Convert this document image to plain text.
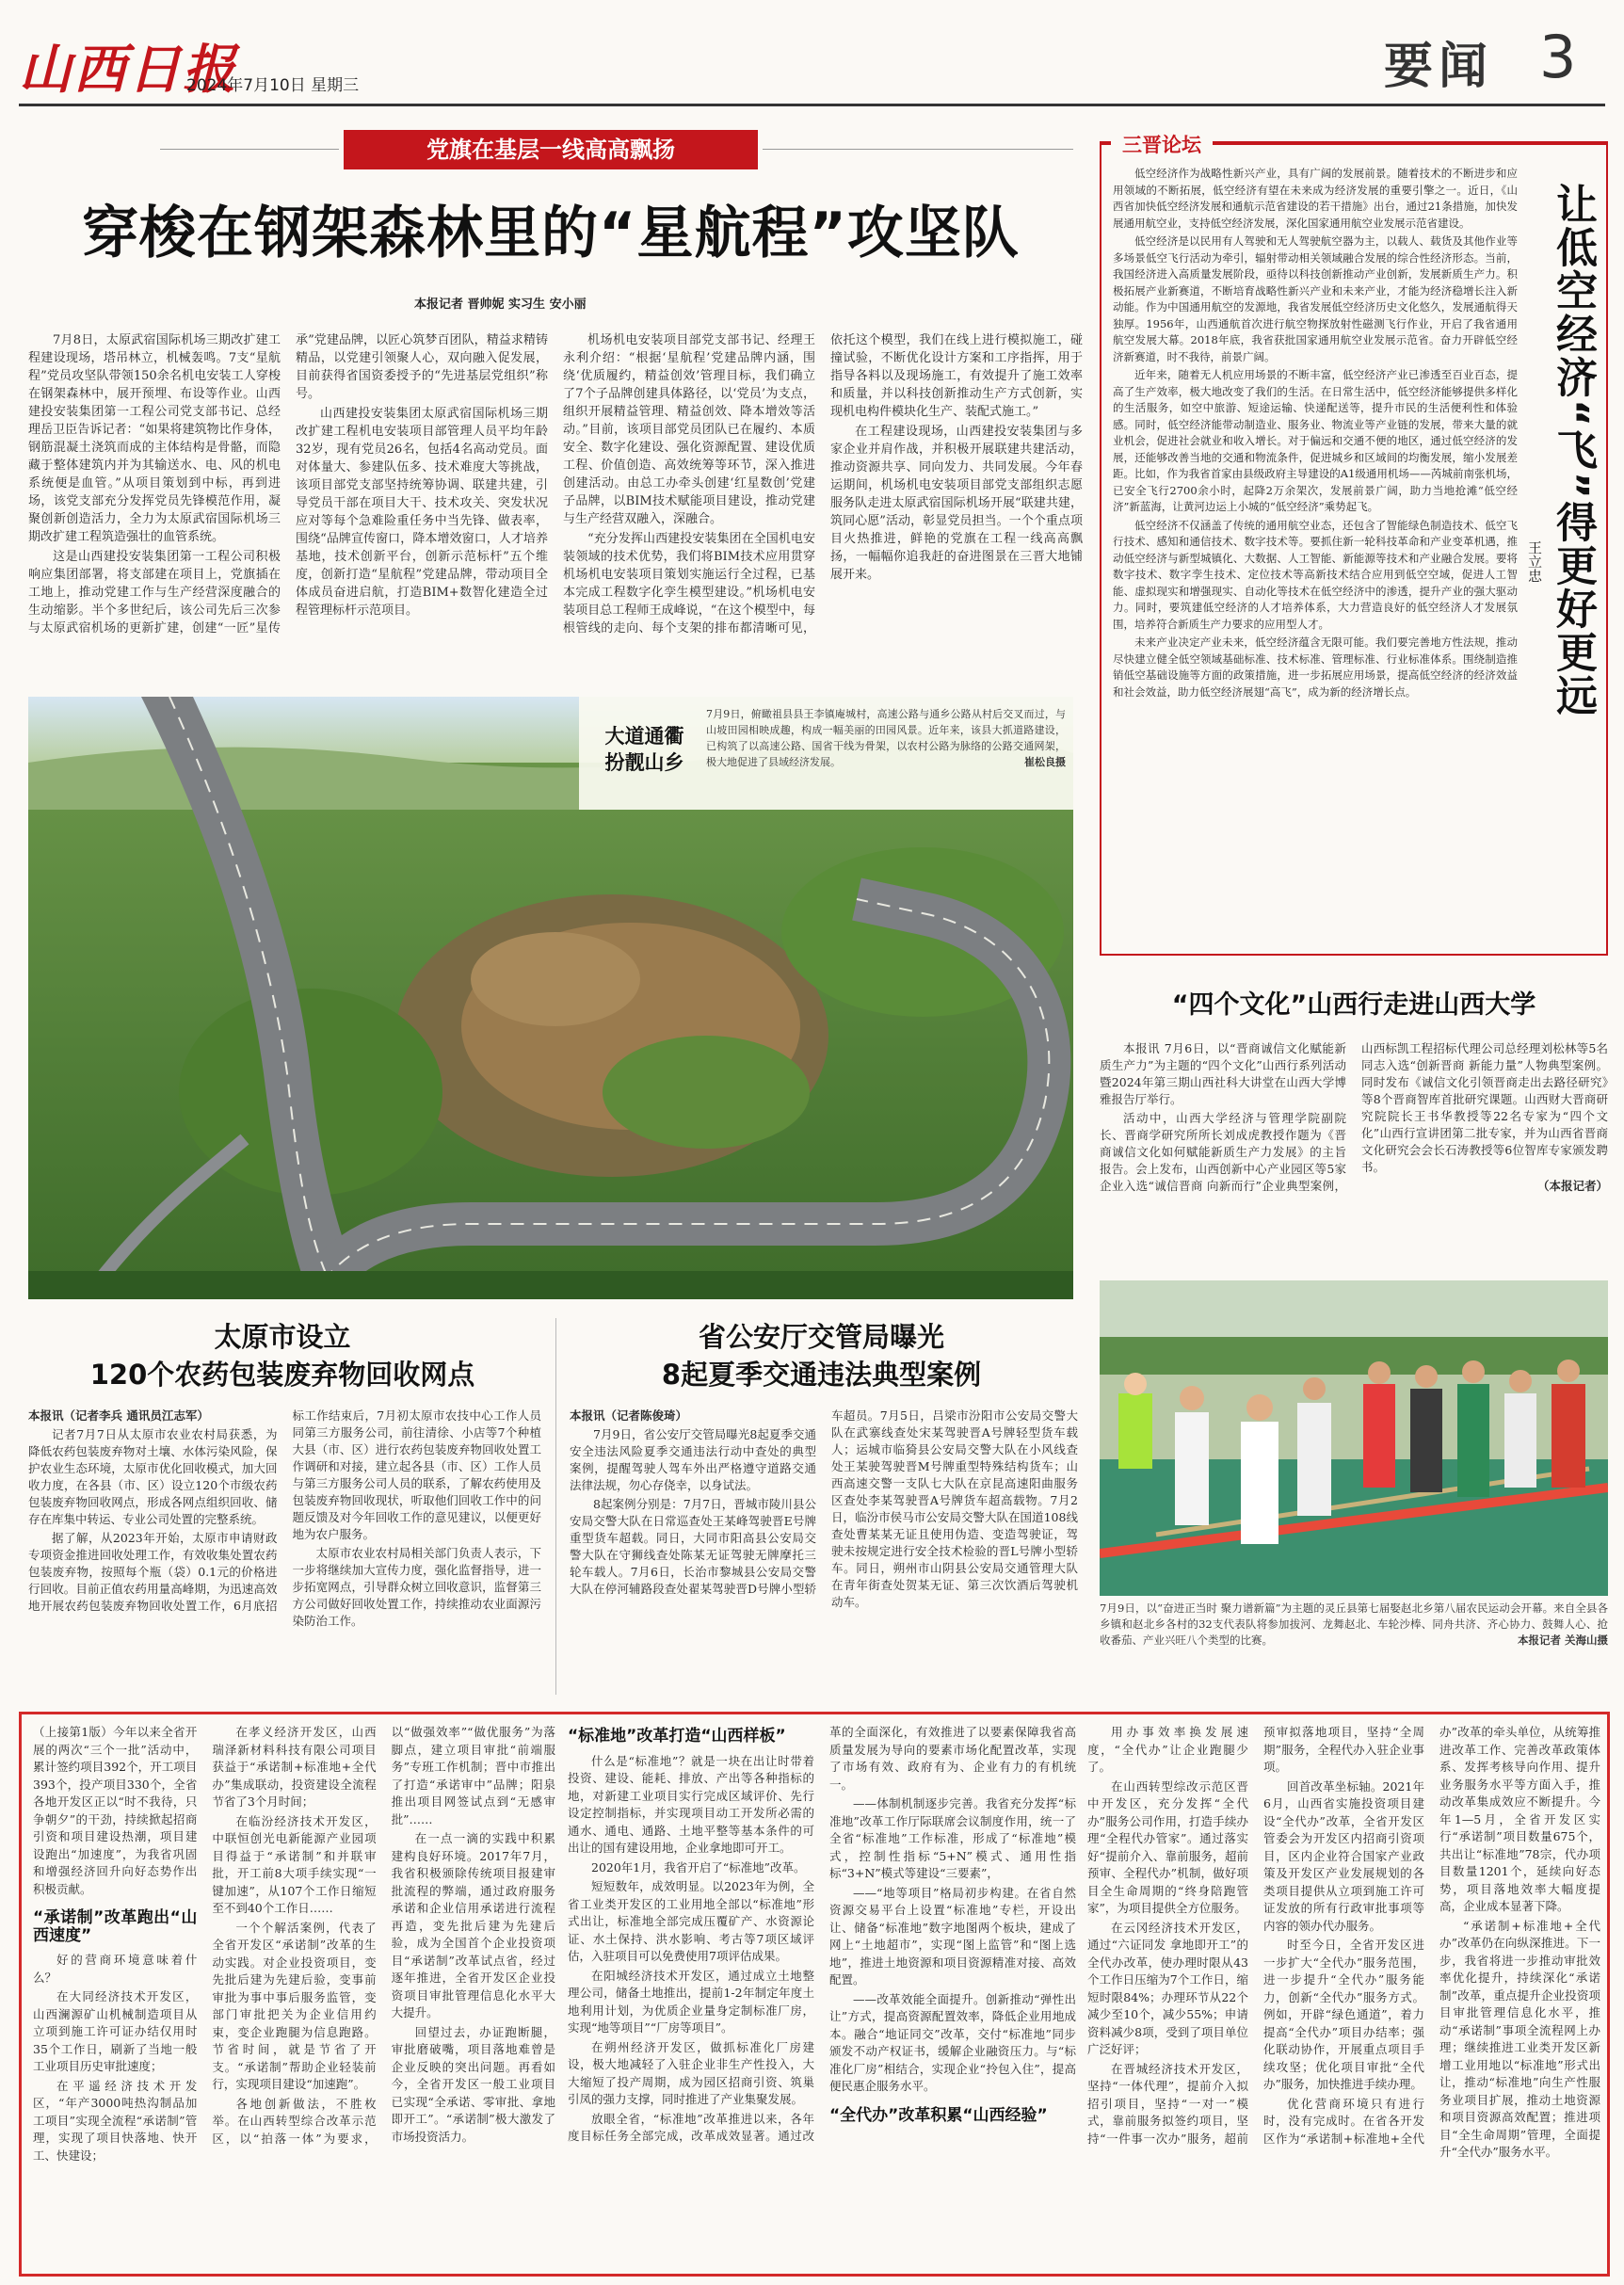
山西日报
2024年7月10日 星期三	要闻 3
党旗在基层一线高高飘扬
穿梭在钢架森林里的“星航程”攻坚队
本报记者 晋帅妮 实习生 安小丽

7月8日，太原武宿国际机场三期改扩建工程建设现场，塔吊林立，机械轰鸣。7支“星航程”党员攻坚队带领150余名机电安装工人穿梭在钢架森林中，展开预埋、布设等作业。山西建投安装集团第一工程公司党支部书记、总经理岳卫臣告诉记者：“如果将建筑物比作身体，钢筋混凝土浇筑而成的主体结构是骨骼，而隐藏于整体建筑内并为其输送水、电、风的机电系统便是血管。”从项目策划到中标，再到进场，该党支部充分发挥党员先锋模范作用，凝聚创新创造活力，全力为太原武宿国际机场三期改扩建工程筑造强壮的血管系统。

这是山西建投安装集团第一工程公司积极响应集团部署，将支部建在项目上，党旗插在工地上，推动党建工作与生产经营深度融合的生动缩影。半个多世纪后，该公司先后三次参与太原武宿机场的更新扩建，创建“一匠”星传承”党建品牌，以匠心筑梦百团队，精益求精铸精品，以党建引领聚人心，双向融入促发展，目前获得省国资委授予的“先进基层党组织”称号。

山西建投安装集团太原武宿国际机场三期改扩建工程机电安装项目部管理人员平均年龄32岁，现有党员26名，包括4名高动党员。面对体量大、参建队伍多、技术难度大等挑战，该项目部党支部坚持统筹协调、联建共建，引导党员干部在项目大干、技术攻关、突发状况应对等每个急难险重任务中当先锋、做表率，围绕“品牌宣传窗口，降本增效窗口，人才培养基地，技术创新平台，创新示范标杆”五个维度，创新打造“星航程”党建品牌，带动项目全体成员奋进启航，打造BIM+数智化建造全过程管理标杆示范项目。

机场机电安装项目部党支部书记、经理王永利介绍：“根据‘星航程’党建品牌内涵，围绕‘优质履约，精益创效’管理目标，我们确立了7个子品牌创建具体路径，以‘党员’为支点，组织开展精益管理、精益创效、降本增效等活动。”目前，该项目部党员团队已在履约、本质安全、数字化建设、强化资源配置、建设优质工程、价值创造、高效统筹等环节，深入推进创建活动。由总工办牵头创建‘红星数创’党建子品牌，以BIM技术赋能项目建设，推动党建与生产经营双融入，深融合。

“充分发挥山西建投安装集团在全国机电安装领域的技术优势，我们将BIM技术应用贯穿机场机电安装项目策划实施运行全过程，已基本完成工程数字化孪生模型建设。”机场机电安装项目总工程师王成峰说，“在这个模型中，每根管线的走向、每个支架的排布都清晰可见，依托这个模型，我们在线上进行模拟施工，碰撞试验，不断优化设计方案和工序指挥，用于指导各料以及现场施工，有效提升了施工效率和质量，并以科技创新推动生产方式创新，实现机电构件模块化生产、装配式施工。”

在工程建设现场，山西建投安装集团与多家企业并肩作战，并积极开展联建共建活动，推动资源共享、同向发力、共同发展。今年春运期间，机场机电安装项目部党支部组织志愿服务队走进太原武宿国际机场开展“联建共建，筑同心愿”活动，彰显党员担当。一个个重点项目火热推进，鲜艳的党旗在工程一线高高飘扬，一幅幅你追我赶的奋进图景在三晋大地铺展开来。

大道通衢
扮靓山乡
7月9日，俯瞰祖县县王李镇庵城村，高速公路与通乡公路从村后交叉而过，与山坡田园相映成趣，构成一幅美丽的田园风景。近年来，该县大抓道路建设，已构筑了以高速公路、国省干线为骨架，以农村公路为脉络的公路交通网架，极大地促进了县域经济发展。	崔松良摄
太原市设立
120个农药包装废弃物回收网点

本报讯（记者李兵 通讯员江志军）

记者7月7日从太原市农业农村局获悉，为降低农药包装废弃物对土壤、水体污染风险，保护农业生态环境，太原市优化回收模式，加大回收力度，在各县（市、区）设立120个市级农药包装废弃物回收网点，形成各网点组织回收、储存在库集中转运、专业公司处置的完整系统。

据了解，从2023年开始，太原市申请财政专项资金推进回收处理工作，有效收集处置农药包装废弃物，按照每个瓶（袋）0.1元的价格进行回收。目前正值农药用量高峰期，为迅速高效地开展农药包装废弃物回收处置工作，6月底招标工作结束后，7月初太原市农技中心工作人员同第三方服务公司，前往清徐、小店等7个种植大县（市、区）进行农药包装废弃物回收处置工作调研和对接，建立起各县（市、区）工作人员与第三方服务公司人员的联系，了解农药使用及包装废弃物回收现状，听取他们回收工作中的问题反馈及对今年回收工作的意见建议，以便更好地为农户服务。

太原市农业农村局相关部门负责人表示，下一步将继续加大宣传力度，强化监督指导，进一步拓宽网点，引导群众树立回收意识，监督第三方公司做好回收处置工作，持续推动农业面源污染防治工作。

省公安厅交管局曝光
8起夏季交通违法典型案例

本报讯（记者陈俊琦）

7月9日，省公安厅交管局曝光8起夏季交通安全违法风险夏季交通违法行动中查处的典型案例，提醒驾驶人驾车外出严格遵守道路交通法律法规，勿心存侥幸，以身试法。

8起案例分别是：7月7日，晋城市陵川县公安局交警大队在日常巡查处王某峰驾驶晋E号牌重型货车超载。同日，大同市阳高县公安局交警大队在守狮线查处陈某无证驾驶无牌摩托三轮车载人。7月6日，长治市黎城县公安局交警大队在停河辅路段查处翟某驾驶晋D号牌小型轿车超员。7月5日，吕梁市汾阳市公安局交警大队在武寨线查处宋某驾驶晋A号牌轻型货车载人；运城市临猗县公安局交警大队在小风线查处王某驶驾驶晋M号牌重型特殊结构货车；山西高速交警一支队七大队在京昆高速阳曲服务区查处李某驾驶晋A号牌货车超高载物。7月2日，临汾市侯马市公安局交警大队在国道108线查处曹某某无证且使用伪造、变造驾驶证，驾驶未按规定进行安全技术检验的晋L号牌小型轿车。同日，朔州市山阴县公安局交通管理大队在青年街查处贺某无证、第三次饮酒后驾驶机动车。

三晋论坛

低空经济作为战略性新兴产业，具有广阔的发展前景。随着技术的不断进步和应用领域的不断拓展，低空经济有望在未来成为经济发展的重要引擎之一。近日，《山西省加快低空经济发展和通航示范省建设的若干措施》出台，通过21条措施，加快发展通用航空业，支持低空经济发展，深化国家通用航空业发展示范省建设。

低空经济是以民用有人驾驶和无人驾驶航空器为主，以载人、载货及其他作业等多场景低空飞行活动为牵引，辐射带动相关领域融合发展的综合性经济形态。当前，我国经济进入高质量发展阶段，亟待以科技创新推动产业创新，发展新质生产力。积极拓展产业新赛道，不断培育战略性新兴产业和未来产业，才能为经济稳增长注入新动能。作为中国通用航空的发源地，我省发展低空经济历史文化悠久，发展通航得天独厚。1956年，山西通航首次进行航空物探放射性磁测飞行作业，开启了我省通用航空发展大幕。2018年底，我省获批国家通用航空业发展示范省。奋力开辟低空经济新赛道，时不我待，前景广阔。

近年来，随着无人机应用场景的不断丰富，低空经济产业已渗透至百业百态，提高了生产效率，极大地改变了我们的生活。在日常生活中，低空经济能够提供多样化的生活服务，如空中旅游、短途运输、快递配送等，提升市民的生活便利性和体验感。同时，低空经济能带动制造业、服务业、物流业等产业链的发展，带来大量的就业机会，促进社会就业和收入增长。对于偏远和交通不便的地区，通过低空经济的发展，还能够改善当地的交通和物流条件，促进城乡和区域间的均衡发展，缩小发展差距。比如，作为我省首家由县级政府主导建设的A1级通用机场——芮城前南张机场，已安全飞行2700余小时，起降2万余架次，发展前景广阔，助力当地抢滩“低空经济”新蓝海，让黄河边运上小城的“低空经济”乘势起飞。

低空经济不仅涵盖了传统的通用航空业态，还包含了智能绿色制造技术、低空飞行技术、感知和通信技术、数字技术等。要抓住新一轮科技革命和产业变革机遇，推动低空经济与新型城镇化、大数据、人工智能、新能源等技术和产业融合发展。要将数字技术、数字孪生技术、定位技术等高新技术结合应用到低空空域，促进人工智能、虚拟现实和增强现实、自动化等技术在低空经济中的渗透，提升产业的强大驱动力。同时，要筑建低空经济的人才培养体系，大力营造良好的低空经济人才发展氛围，培养符合新质生产力要求的应用型人才。

未来产业决定产业未来，低空经济蕴含无限可能。我们要完善地方性法规，推动尽快建立健全低空领域基础标准、技术标准、管理标准、行业标准体系。围绕制造推销低空基础设施等方面的政策措施，进一步拓展应用场景，提高低空经济的经济效益和社会效益，助力低空经济展翅“高飞”，成为新的经济增长点。	让低空经济“飞”得更好更远
王立忠
“四个文化”山西行走进山西大学

本报讯 7月6日，以“晋商诚信文化赋能新质生产力”为主题的“四个文化”山西行系列活动暨2024年第三期山西社科大讲堂在山西大学博雅报告厅举行。

活动中，山西大学经济与管理学院副院长、晋商学研究所所长刘成虎教授作题为《晋商诚信文化如何赋能新质生产力发展》的主旨报告。会上发布，山西创新中心产业园区等5家企业入选“诚信晋商 向新而行”企业典型案例，山西标凯工程招标代理公司总经理刘松林等5名同志入选“创新晋商 新能力量”人物典型案例。同时发布《诚信文化引领晋商走出去路径研究》等8个晋商智库首批研究课题。山西财大晋商研究院院长王书华教授等22名专家为“四个文化”山西行宣讲团第二批专家，并为山西省晋商文化研究会会长石涛教授等6位智库专家颁发聘书。

（本报记者）

7月9日，以“奋进正当时 聚力谱新篇”为主题的灵丘县第七届娶赵北乡第八届农民运动会开幕。来自全县各乡镇和赵北乡各村的32支代表队将参加拔河、龙舞赵北、车轮沙棒、同舟共济、齐心协力、鼓舞人心、抢收番茄、产业兴旺八个类型的比赛。	本报记者 关海山摄

（上接第1版）今年以来全省开展的两次“三个一批”活动中，累计签约项目392个，开工项目393个，投产项目330个，全省各地开发区正以“时不我待，只争朝夕”的干劲，持续掀起招商引资和项目建设热潮，项目建设跑出“加速度”，为我省巩固和增强经济回升向好态势作出积极贡献。

“承诺制”改革跑出“山西速度”

好的营商环境意味着什么？

在大同经济技术开发区，山西澜源矿山机械制造项目从立项到施工许可证办结仅用时35个工作日，刷新了当地一般工业项目历史审批速度；

在平遥经济技术开发区，“年产3000吨热沟制品加工项目”实现全流程“承诺制”管理，实现了项目快落地、快开工、快建设；

在孝义经济开发区，山西瑞泽新材料科技有限公司项目获益于“承诺制+标准地+全代办”集成联动，投资建设全流程节省了3个月时间；

在临汾经济技术开发区，中联恒创光电新能源产业园项目得益于“承诺制”和并联审批，开工前8大项手续实现“一键加速”，从107个工作日缩短至不到40个工作日……

一个个解活案例，代表了全省开发区“承诺制”改革的生动实践。对企业投资项目，变先批后建为先建后验，变事前审批为事中事后服务监管，变部门审批把关为企业信用约束，变企业跑腿为信息跑路。节省时间，就是节省了开支。“承诺制”帮助企业轻装前行，实现项目建设“加速跑”。

各地创新做法，不胜枚举。在山西转型综合改革示范区，以“拍落一体”为要求，以“做强效率”“做优服务”为落脚点，建立项目审批“前端服务”专班工作机制；晋中市推出了打造“承诺审中”品牌；阳泉推出项目网签试点到“无感审批”……

在一点一滴的实践中积累建构良好环境。2017年7月，我省积极颁除传统项目报建审批流程的弊端，通过政府服务承诺和企业信用承诺进行流程再造，变先批后建为先建后验，成为全国首个企业投资项目“承诺制”改革试点省，经过逐年推进，全省开发区企业投资项目审批管理信息化水平大大提升。

回望过去，办证跑断腿，审批磨破嘴，项目落地难曾是企业反映的突出问题。再看如今，全省开发区一般工业项目已实现“全承诺、零审批、拿地即开工”。“承诺制”极大激发了市场投资活力。

“标准地”改革打造“山西样板”

什么是“标准地”？就是一块在出让时带着投资、建设、能耗、排放、产出等各种指标的地，对新建工业项目实行完成区域评价、先行设定控制指标，并实现项目动工开发所必需的通水、通电、通路、土地平整等基本条件的可出让的国有建设用地，企业拿地即可开工。

2020年1月，我省开启了“标准地”改革。

短短数年，成效明显。以2023年为例，全省工业类开发区的工业用地全部以“标准地”形式出让，标准地全部完成压覆矿产、水资源论证、水土保持、洪水影响、考古等7项区域评估，入驻项目可以免费使用7项评估成果。

在阳城经济技术开发区，通过成立土地整理公司，储备土地推出，提前1-2年制定年度土地利用计划，为优质企业量身定制标准厂房，实现“地等项目”“厂房等项目”。

在朔州经济开发区，做抓标准化厂房建设，极大地减轻了入驻企业非生产性投入，大大缩短了投产周期，成为园区招商引资、筑巢引凤的强力支撑，同时推进了产业集聚发展。

放眼全省，“标准地”改革推进以来，各年度目标任务全部完成，改革成效显著。通过改革的全面深化，有效推进了以要素保障我省高质量发展为导向的要素市场化配置改革，实现了市场有效、政府有为、企业有力的有机统一。

——体制机制逐步完善。我省充分发挥“标准地”改革工作厅际联席会议制度作用，统一了全省“标准地”工作标准，形成了“标准地”模式，控制性指标“5+N”模式、通用性指标“3+N”模式等建设“三要素”，

——“地等项目”格局初步构建。在省自然资源交易平台上设置“标准地”专栏，开设出让、储备“标准地”数字地图两个板块，建成了网上“土地超市”，实现“图上监管”和“图上选地”，推进土地资源和项目资源精准对接、高效配置。

——改革效能全面提升。创新推动“弹性出让”方式，提高资源配置效率，降低企业用地成本。融合“地证同交”改革，交付“标准地”同步颁发不动产权证书，缓解企业融资压力。与“标准化厂房”相结合，实现企业“拎包入住”，提高便民惠企服务水平。

“全代办”改革积累“山西经验”

用办事效率换发展速度，“全代办”让企业跑腿少了。

在山西转型综改示范区晋中开发区，充分发挥“全代办”服务公司作用，打造手续办理“全程代办管家”。通过落实好“提前介入、靠前服务，超前预审、全程代办”机制，做好项目全生命周期的“终身陪跑管家”，为项目提供全方位服务。

在云冈经济技术开发区，通过“六证同发 拿地即开工”的全代办改革，使办理时限从43个工作日压缩为7个工作日，缩短时限84%；办理环节从22个减少至10个，减少55%；申请资料减少8项，受到了项目单位广泛好评；

在晋城经济技术开发区，坚持“一体代理”，提前介入拟招引项目，坚持“一对一”模式，靠前服务拟签约项目，坚持“一件事一次办”服务，超前预审拟落地项目，坚持“全周期”服务，全程代办入驻企业事项。

回首改革坐标轴。2021年6月，山西省实施投资项目建设“全代办”改革，全省开发区管委会为开发区内招商引资项目，区内企业符合国家产业政策及开发区产业发展规划的各类项目提供从立项到施工许可证发放的所有行政审批事项等内容的领办代办服务。

时至今日，全省开发区进一步扩大“全代办”服务范围，进一步提升“全代办”服务能力，创新“全代办”服务方式。例如，开辟“绿色通道”，着力提高“全代办”项目办结率；强化联动协作，开展重点项目手续攻坚；优化项目审批“全代办”服务，加快推进手续办理。

优化营商环境只有进行时，没有完成时。在省各开发区作为“承诺制+标准地+全代办”改革的牵头单位，从统筹推进改革工作、完善改革政策体系、发挥考核导向作用、提升业务服务水平等方面入手，推动改革集成效应不断提升。今年1—5月，全省开发区实行“承诺制”项目数量675个，共出让“标准地”78宗，代办项目数量1201个，延续向好态势，项目落地效率大幅度提高，企业成本显著下降。

“承诺制+标准地+全代办”改革仍在向纵深推进。下一步，我省将进一步推动审批效率优化提升，持续深化“承诺制”改革，重点提升企业投资项目审批管理信息化水平，推动“承诺制”事项全流程网上办理；继续推进工业类开发区新增工业用地以“标准地”形式出让，推动“标准地”向生产性服务业项目扩展，推动土地资源和项目资源高效配置；推进项目“全生命周期”管理，全面提升“全代办”服务水平。
